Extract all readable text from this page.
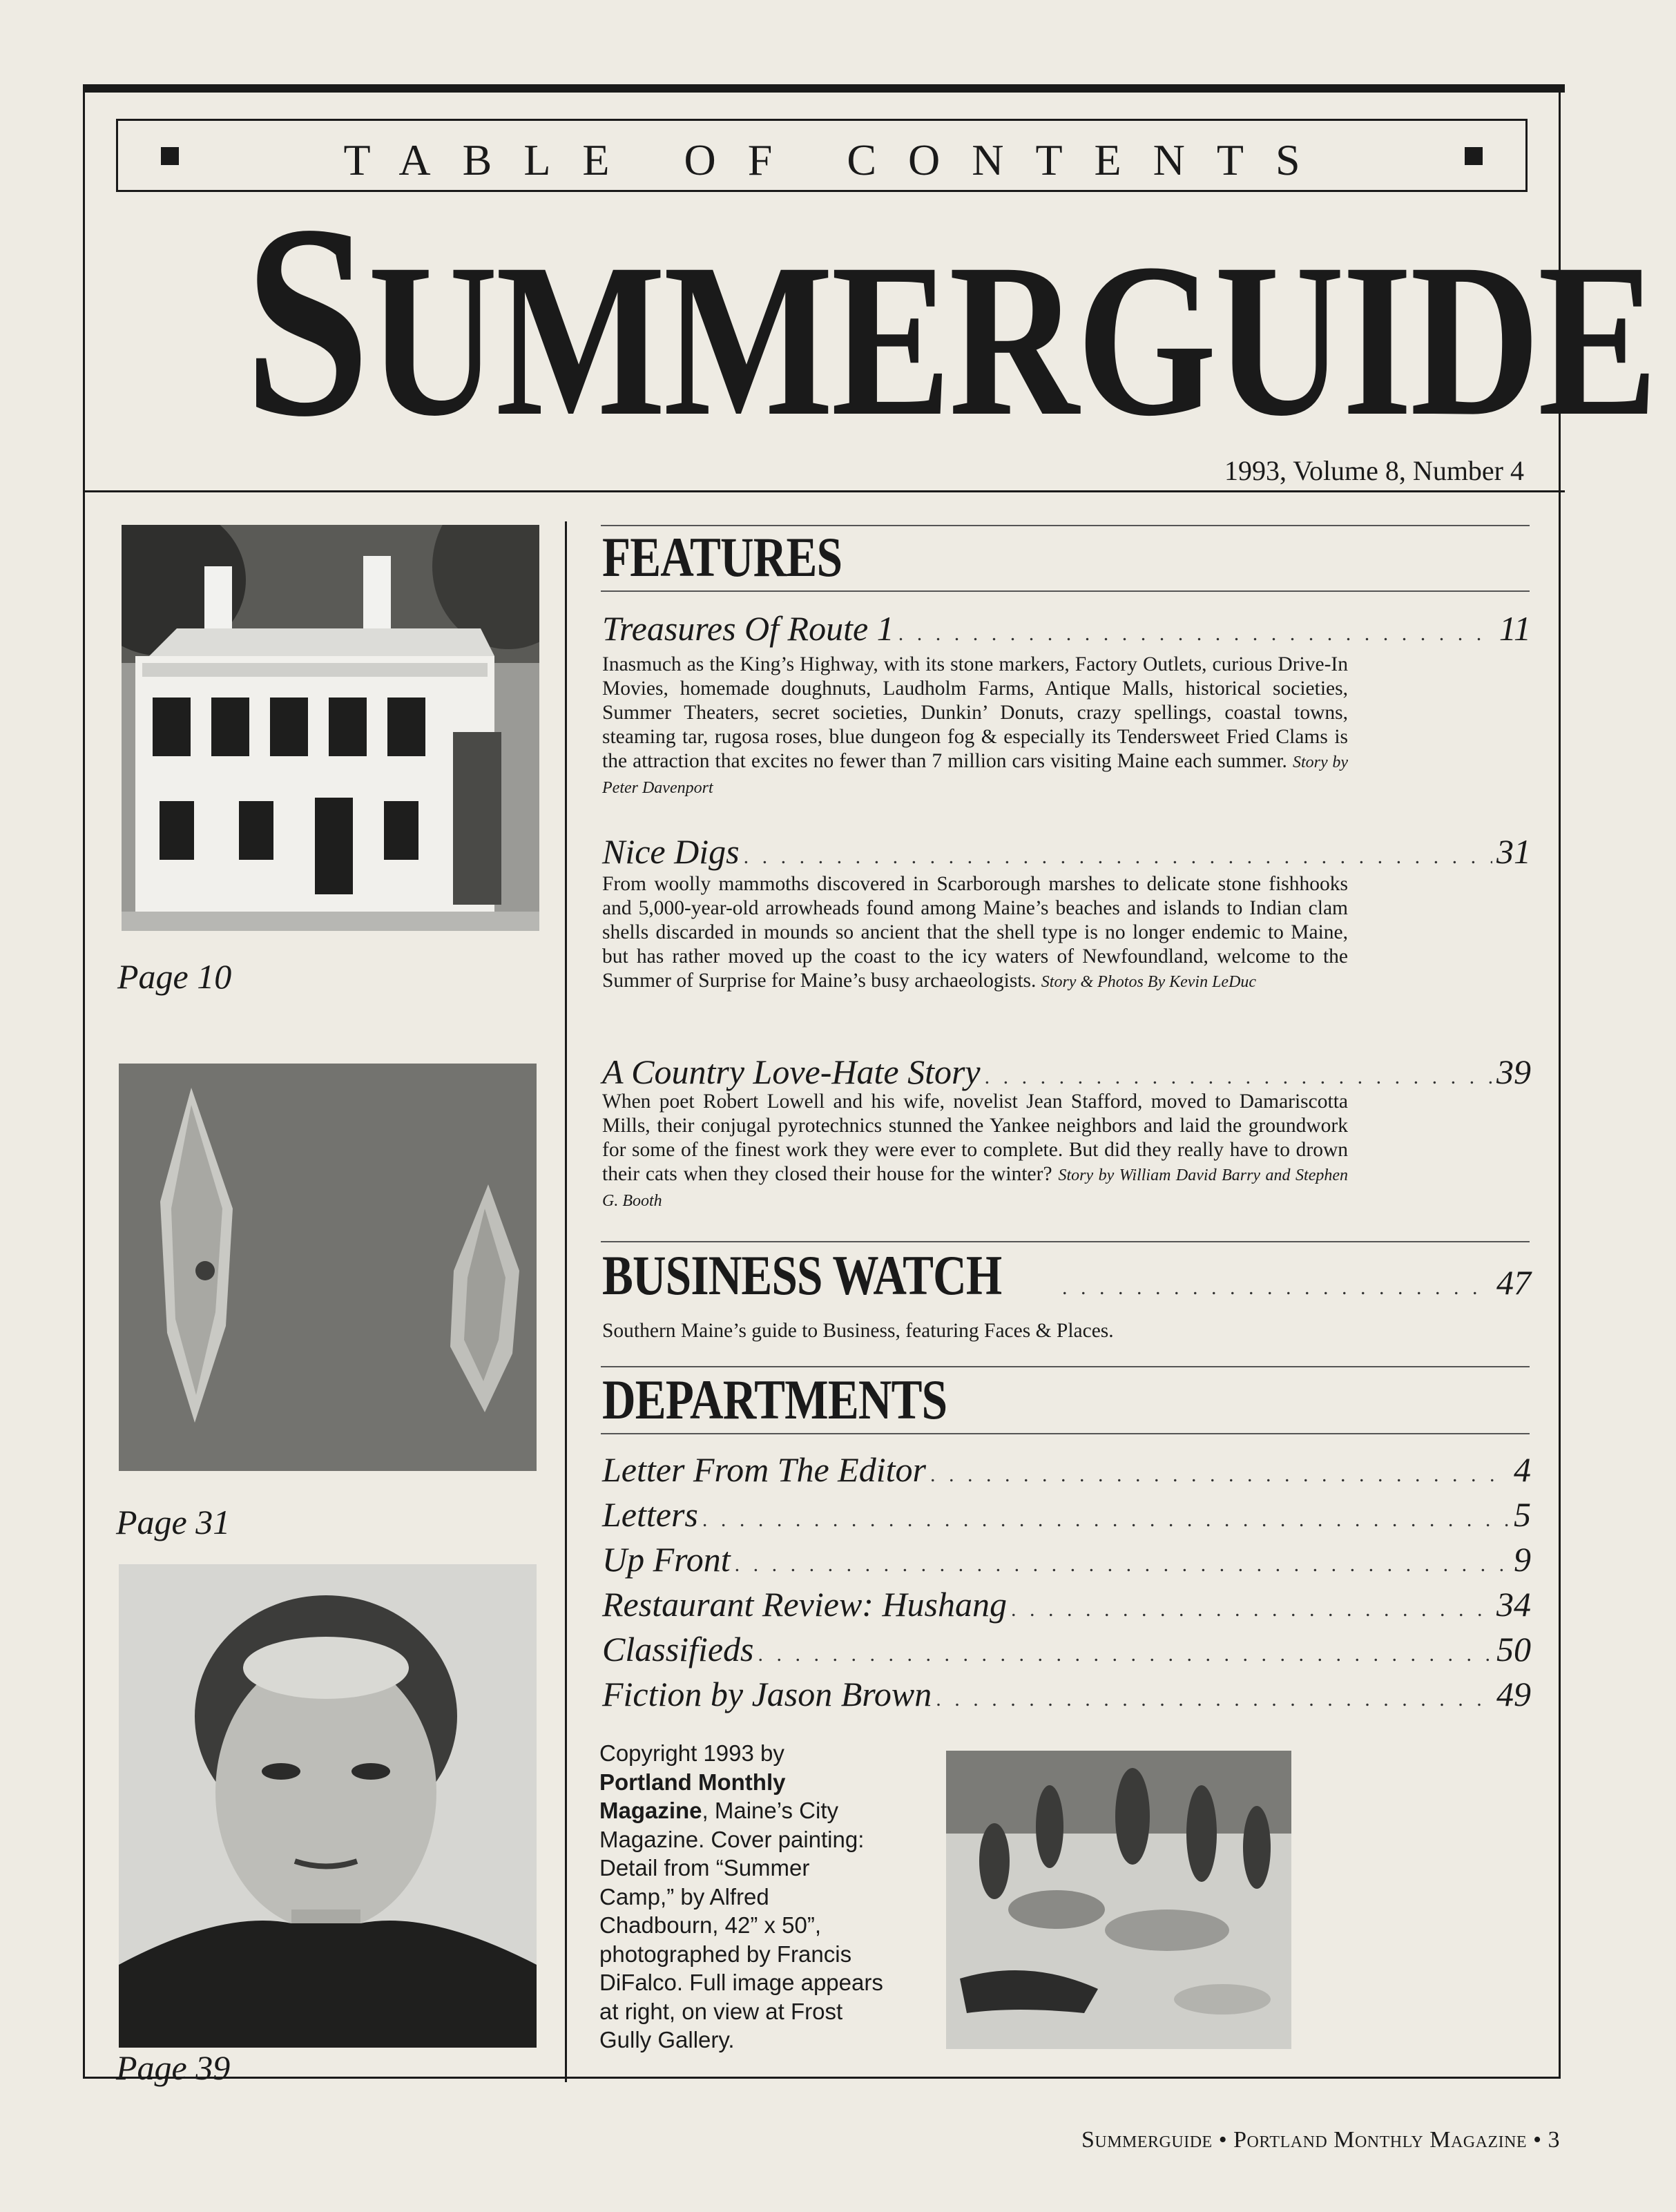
TABLE OF CONTENTS
SUMMERGUIDE
1993, Volume 8, Number 4
Page 10
Page 31
Page 39
FEATURES
Treasures Of Route 1 . . .	11
Inasmuch as the King’s Highway, with its stone markers, Factory Outlets, curious Drive-In Movies, homemade doughnuts, Laudholm Farms, Antique Malls, historical societies, Summer Theaters, secret societies, Dunkin’ Donuts, crazy spellings, coastal towns, steaming tar, rugosa roses, blue dungeon fog & especially its Tendersweet Fried Clams is the attraction that excites no fewer than 7 million cars visiting Maine each summer. Story by Peter Davenport
Nice Digs . . .	31
From woolly mammoths discovered in Scarborough marshes to delicate stone fishhooks and 5,000-year-old arrowheads found among Maine’s beaches and islands to Indian clam shells discarded in mounds so ancient that the shell type is no longer endemic to Maine, but has rather moved up the coast to the icy waters of Newfoundland, welcome to the Summer of Surprise for Maine’s busy archaeologists. Story & Photos By Kevin LeDuc
A Country Love-Hate Story . . .	39
When poet Robert Lowell and his wife, novelist Jean Stafford, moved to Damariscotta Mills, their conjugal pyrotechnics stunned the Yankee neighbors and laid the groundwork for some of the finest work they were ever to complete. But did they really have to drown their cats when they closed their house for the winter? Story by William David Barry and Stephen G. Booth
BUSINESS WATCH . . .	47
Southern Maine’s guide to Business, featuring Faces & Places.
DEPARTMENTS
Letter From The Editor . . .	4
Letters . . .	5
Up Front . . .	9
Restaurant Review: Hushang . . .	34
Classifieds . . .	50
Fiction by Jason Brown . . .	49
Copyright 1993 by
Portland Monthly Magazine, Maine’s City Magazine. Cover painting: Detail from “Summer Camp,” by Alfred Chadbourn, 42” x 50”, photographed by Francis DiFalco. Full image appears at right, on view at Frost Gully Gallery.
Summerguide • Portland Monthly Magazine • 3
